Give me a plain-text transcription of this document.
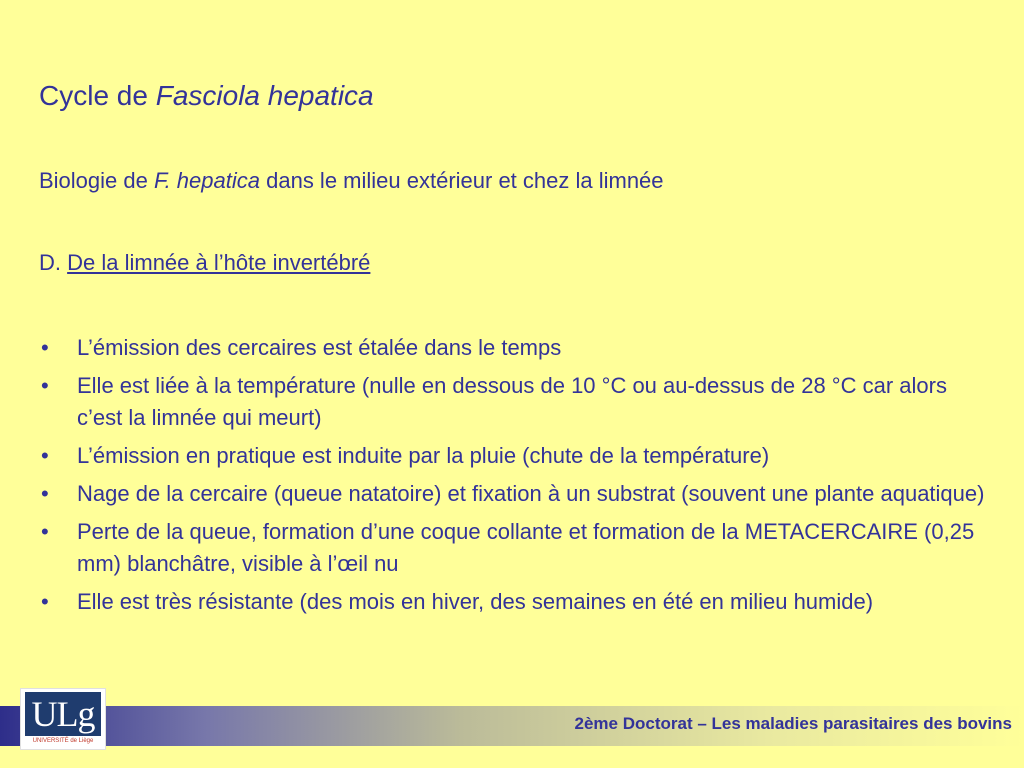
Cycle de Fasciola hepatica

Biologie de F. hepatica dans le milieu extérieur et chez la limnée

D. De la limnée à l’hôte invertébré

• L’émission des cercaires est étalée dans le temps
• Elle est liée à la température (nulle en dessous de 10 °C ou au-dessus de 28 °C car alors c’est la limnée qui meurt)
• L’émission en pratique est induite par la pluie (chute de la température)
• Nage de la cercaire (queue natatoire) et fixation à un substrat (souvent une plante aquatique)
• Perte de la queue, formation d’une coque collante et formation de la METACERCAIRE (0,25 mm) blanchâtre, visible à l’œil nu
• Elle est très résistante (des mois en hiver, des semaines en été en milieu humide)
2ème Doctorat – Les maladies parasitaires des bovins
ULg
UNIVERSITÉ de Liège
